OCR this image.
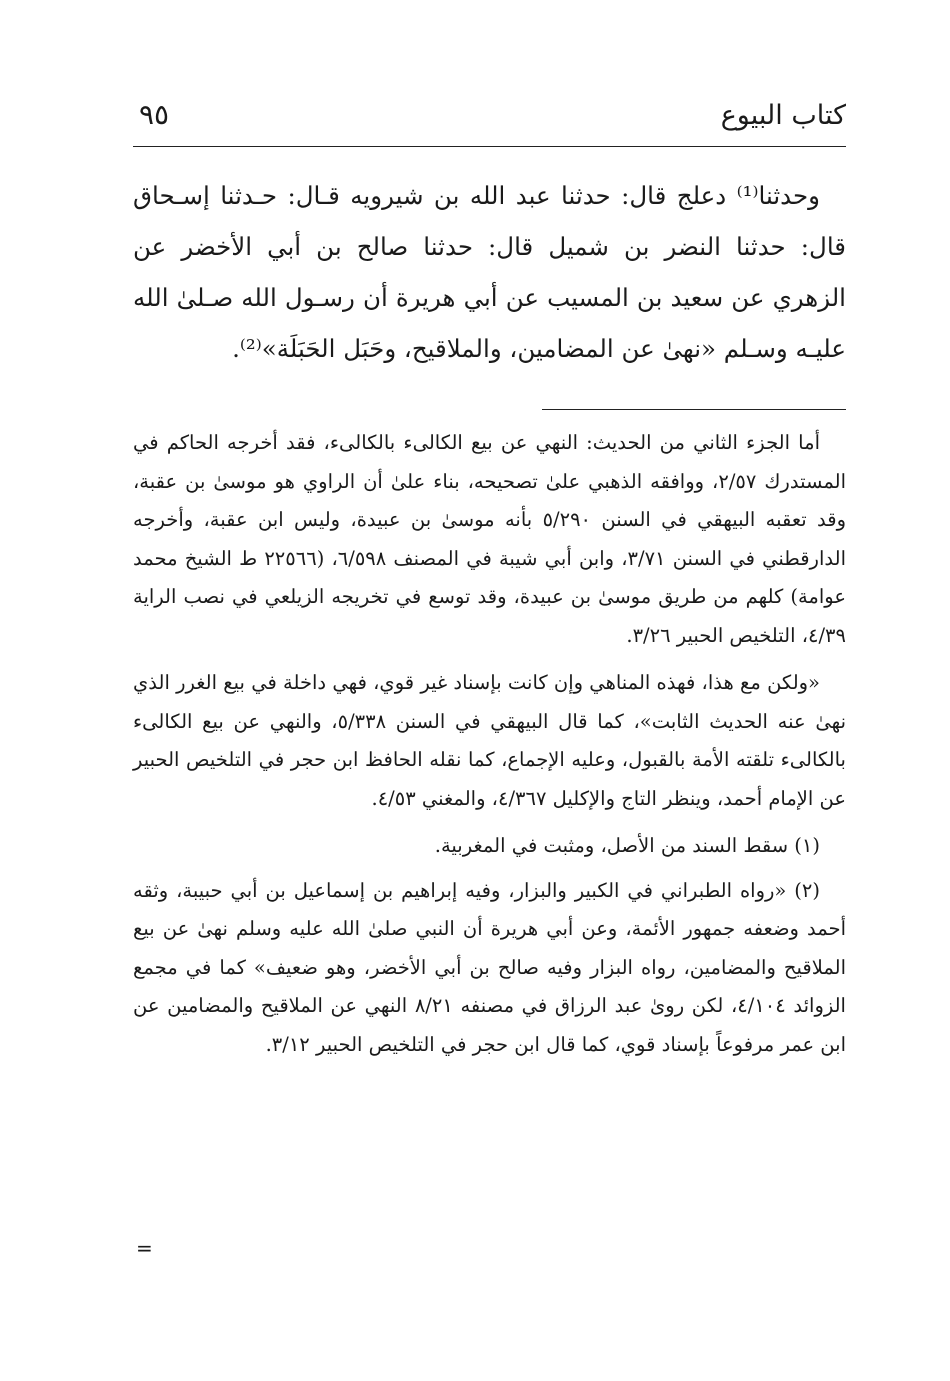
كتاب البيوع
٩٥

وحدثنا⁽¹⁾ دعلج قال: حدثنا عبد الله بن شيرويه قـال: حـدثنا إسـحاق قال: حدثنا النضر بن شميل قال: حدثنا صالح بن أبي الأخضر عن الزهري عن سعيد بن المسيب عن أبي هريرة أن رسـول الله صـلىٰ الله عليـه وسـلم «نهىٰ عن المضامين، والملاقيح، وحَبَل الحَبَلَة»⁽²⁾.

أما الجزء الثاني من الحديث: النهي عن بيع الكالىء بالكالىء، فقد أخرجه الحاكم في المستدرك ٢/٥٧، ووافقه الذهبي علىٰ تصحيحه، بناء علىٰ أن الراوي هو موسىٰ بن عقبة، وقد تعقبه البيهقي في السنن ٥/٢٩٠ بأنه موسىٰ بن عبيدة، وليس ابن عقبة، وأخرجه الدارقطني في السنن ٣/٧١، وابن أبي شيبة في المصنف ٦/٥٩٨، (٢٢٥٦٦ ط الشيخ محمد عوامة) كلهم من طريق موسىٰ بن عبيدة، وقد توسع في تخريجه الزيلعي في نصب الراية ٤/٣٩، التلخيص الحبير ٣/٢٦.

«ولكن مع هذا، فهذه المناهي وإن كانت بإسناد غير قوي، فهي داخلة في بيع الغرر الذي نهىٰ عنه الحديث الثابت»، كما قال البيهقي في السنن ٥/٣٣٨، والنهي عن بيع الكالىء بالكالىء تلقته الأمة بالقبول، وعليه الإجماع، كما نقله الحافظ ابن حجر في التلخيص الحبير عن الإمام أحمد، وينظر التاج والإكليل ٤/٣٦٧، والمغني ٤/٥٣.

(١) سقط السند من الأصل، ومثبت في المغربية.

(٢) «رواه الطبراني في الكبير والبزار، وفيه إبراهيم بن إسماعيل بن أبي حبيبة، وثقه أحمد وضعفه جمهور الأئمة، وعن أبي هريرة أن النبي صلىٰ الله عليه وسلم نهىٰ عن بيع الملاقيح والمضامين، رواه البزار وفيه صالح بن أبي الأخضر، وهو ضعيف» كما في مجمع الزوائد ٤/١٠٤، لكن روىٰ عبد الرزاق في مصنفه ٨/٢١ النهي عن الملاقيح والمضامين عن ابن عمر مرفوعاً بإسناد قوي، كما قال ابن حجر في التلخيص الحبير ٣/١٢.

=
